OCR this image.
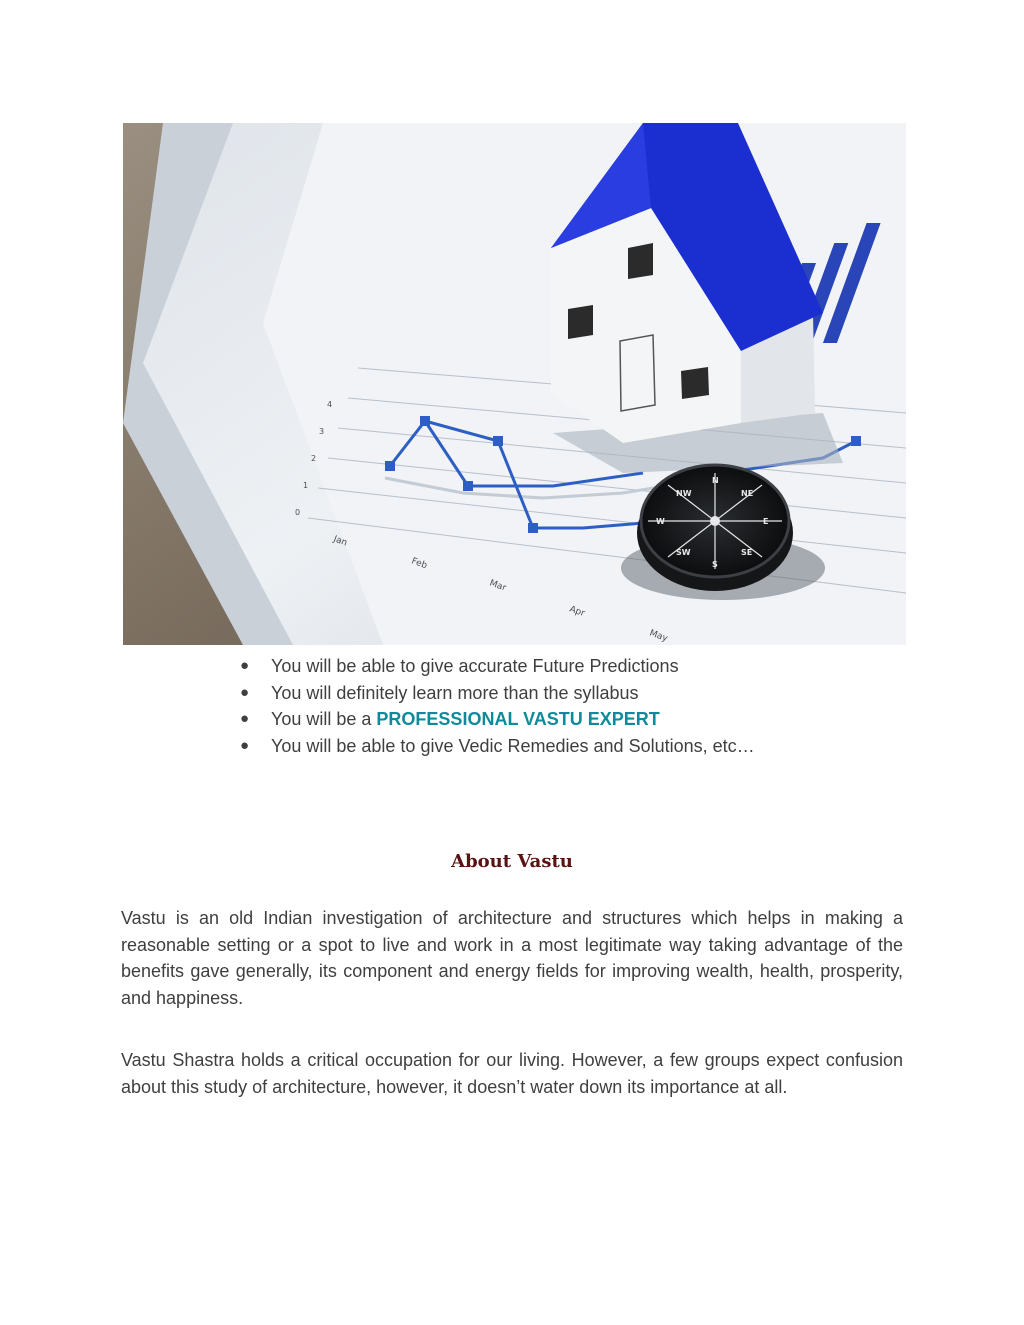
0
1
2
3
4
Jan
Feb
Mar
Apr
May
N
E
S
W
NW	NE
SE
SW
● You will be able to give accurate Future Predictions
● You will definitely learn more than the syllabus
● You will be a PROFESSIONAL VASTU EXPERT
● You will be able to give Vedic Remedies and Solutions, etc…
About Vastu

Vastu is an old Indian investigation of architecture and structures which helps in making a reasonable setting or a spot to live and work in a most legitimate way taking advantage of the benefits gave generally, its component and energy fields for improving wealth, health, prosperity, and happiness.

Vastu Shastra holds a critical occupation for our living. However, a few groups expect confusion about this study of architecture, however, it doesn’t water down its importance at all.
